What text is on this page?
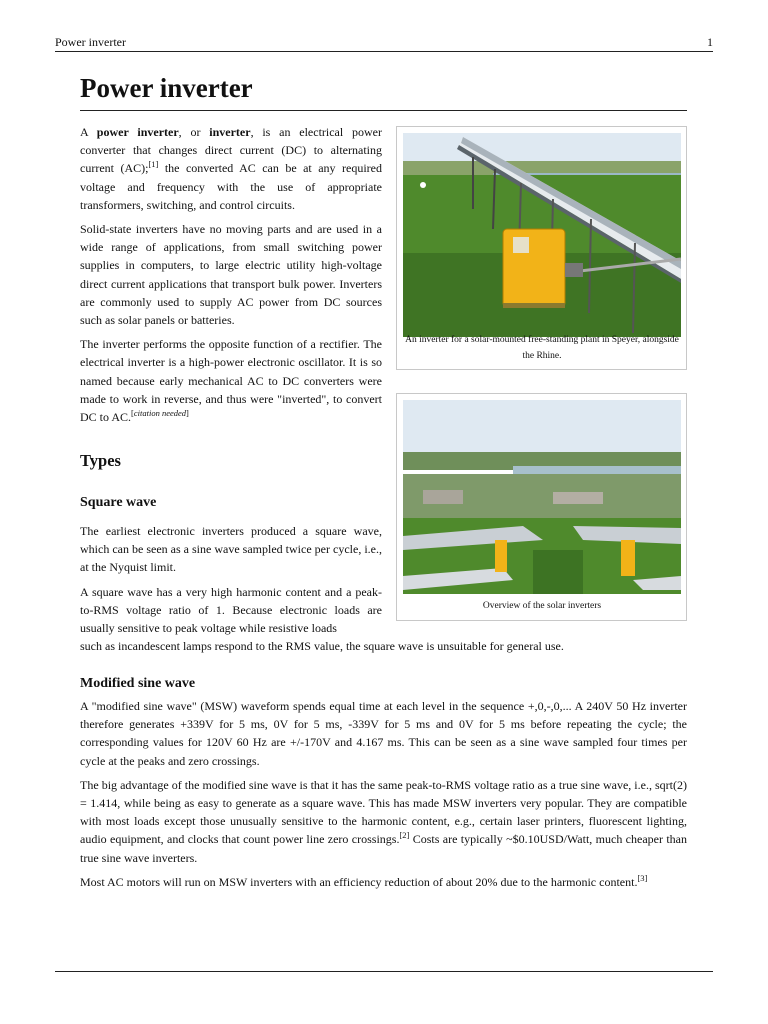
Power inverter	1
Power inverter

A power inverter, or inverter, is an electrical power converter that changes direct current (DC) to alternating current (AC);[1] the converted AC can be at any required voltage and frequency with the use of appropriate transformers, switching, and control circuits.

Solid-state inverters have no moving parts and are used in a wide range of applications, from small switching power supplies in computers, to large electric utility high-voltage direct current applications that transport bulk power. Inverters are commonly used to supply AC power from DC sources such as solar panels or batteries.

The inverter performs the opposite function of a rectifier. The electrical inverter is a high-power electronic oscillator. It is so named because early mechanical AC to DC converters were made to work in reverse, and thus were "inverted", to convert DC to AC.[citation needed]

Types
Square wave

The earliest electronic inverters produced a square wave, which can be seen as a sine wave sampled twice per cycle, i.e., at the Nyquist limit.

A square wave has a very high harmonic content and a peak-to-RMS voltage ratio of 1. Because electronic loads are usually sensitive to peak voltage while resistive loads

such as incandescent lamps respond to the RMS value, the square wave is unsuitable for general use.

Modified sine wave

A "modified sine wave" (MSW) waveform spends equal time at each level in the sequence +,0,-,0,... A 240V 50 Hz inverter therefore generates +339V for 5 ms, 0V for 5 ms, -339V for 5 ms and 0V for 5 ms before repeating the cycle; the corresponding values for 120V 60 Hz are +/-170V and 4.167 ms. This can be seen as a sine wave sampled four times per cycle at the peaks and zero crossings.

The big advantage of the modified sine wave is that it has the same peak-to-RMS voltage ratio as a true sine wave, i.e., sqrt(2) = 1.414, while being as easy to generate as a square wave. This has made MSW inverters very popular. They are compatible with most loads except those unusually sensitive to the harmonic content, e.g., certain laser printers, fluorescent lighting, audio equipment, and clocks that count power line zero crossings.[2] Costs are typically ~$0.10USD/Watt, much cheaper than true sine wave inverters.

Most AC motors will run on MSW inverters with an efficiency reduction of about 20% due to the harmonic content.[3]

An inverter for a solar-mounted free-standing plant in Speyer, alongside the Rhine.
Overview of the solar inverters
